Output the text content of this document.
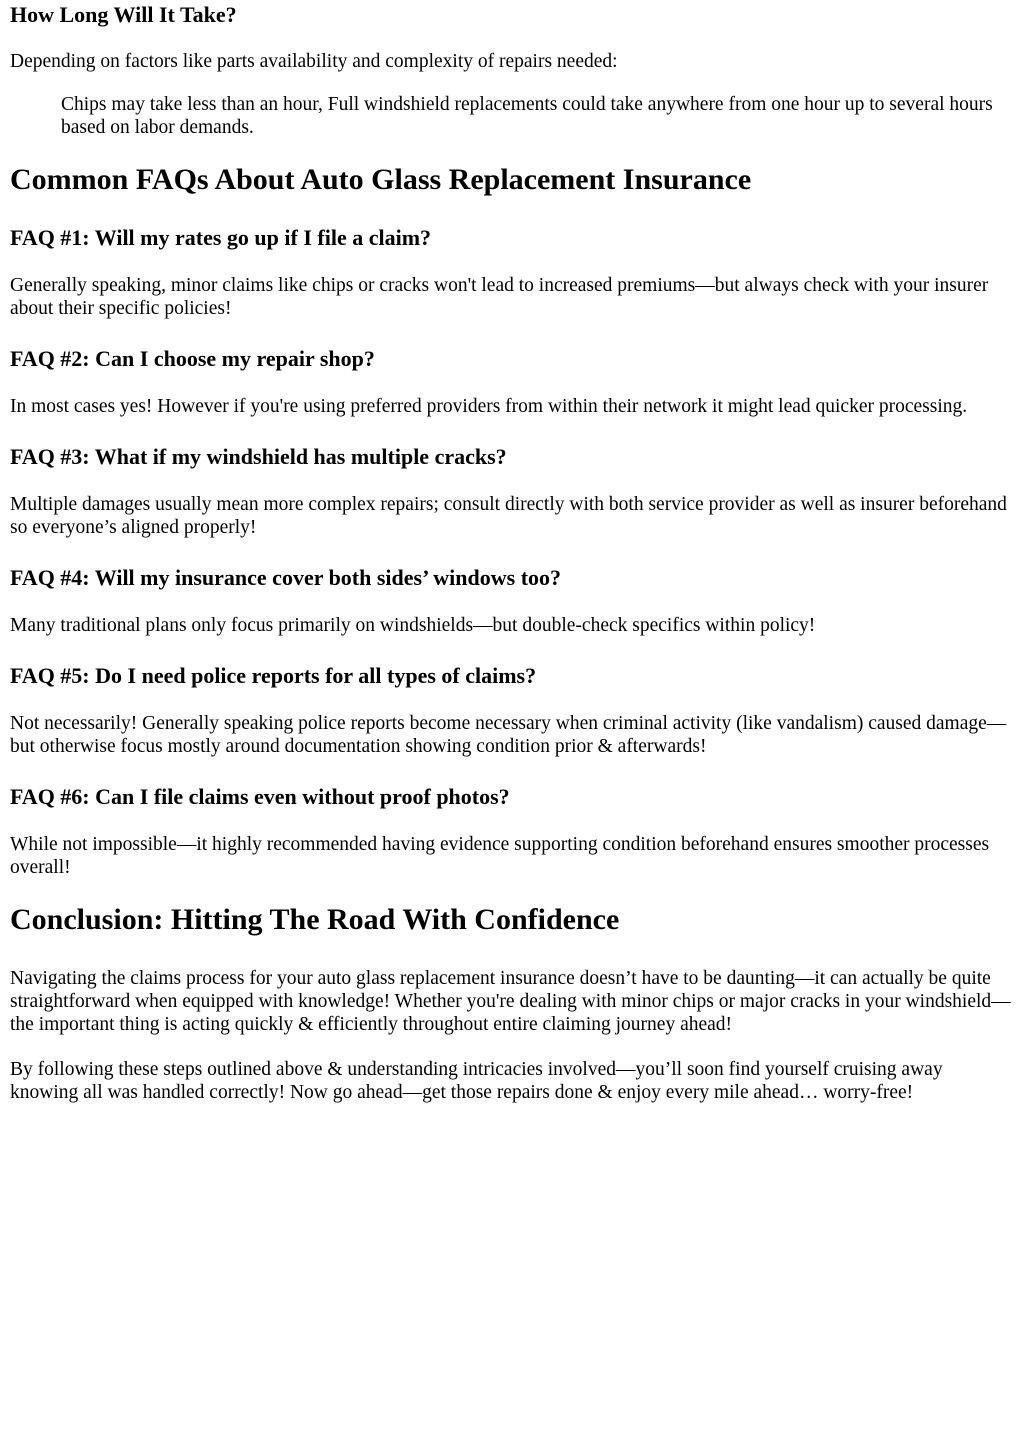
How Long Will It Take?

Depending on factors like parts availability and complexity of repairs needed:

Chips may take less than an hour, Full windshield replacements could take anywhere from one hour up to several hours based on labor demands.
Common FAQs About Auto Glass Replacement Insurance
FAQ #1: Will my rates go up if I file a claim?

Generally speaking, minor claims like chips or cracks won't lead to increased premiums—but always check with your insurer about their specific policies!

FAQ #2: Can I choose my repair shop?

In most cases yes! However if you're using preferred providers from within their network it might lead quicker processing.

FAQ #3: What if my windshield has multiple cracks?

Multiple damages usually mean more complex repairs; consult directly with both service provider as well as insurer beforehand so everyone’s aligned properly!

FAQ #4: Will my insurance cover both sides’ windows too?

Many traditional plans only focus primarily on windshields—but double-check specifics within policy!

FAQ #5: Do I need police reports for all types of claims?

Not necessarily! Generally speaking police reports become necessary when criminal activity (like vandalism) caused damage—but otherwise focus mostly around documentation showing condition prior & afterwards!

FAQ #6: Can I file claims even without proof photos?

While not impossible—it highly recommended having evidence supporting condition beforehand ensures smoother processes overall!

Conclusion: Hitting The Road With Confidence

Navigating the claims process for your auto glass replacement insurance doesn’t have to be daunting—it can actually be quite straightforward when equipped with knowledge! Whether you're dealing with minor chips or major cracks in your windshield—the important thing is acting quickly & efficiently throughout entire claiming journey ahead!

By following these steps outlined above & understanding intricacies involved—you’ll soon find yourself cruising away knowing all was handled correctly! Now go ahead—get those repairs done & enjoy every mile ahead… worry-free!
